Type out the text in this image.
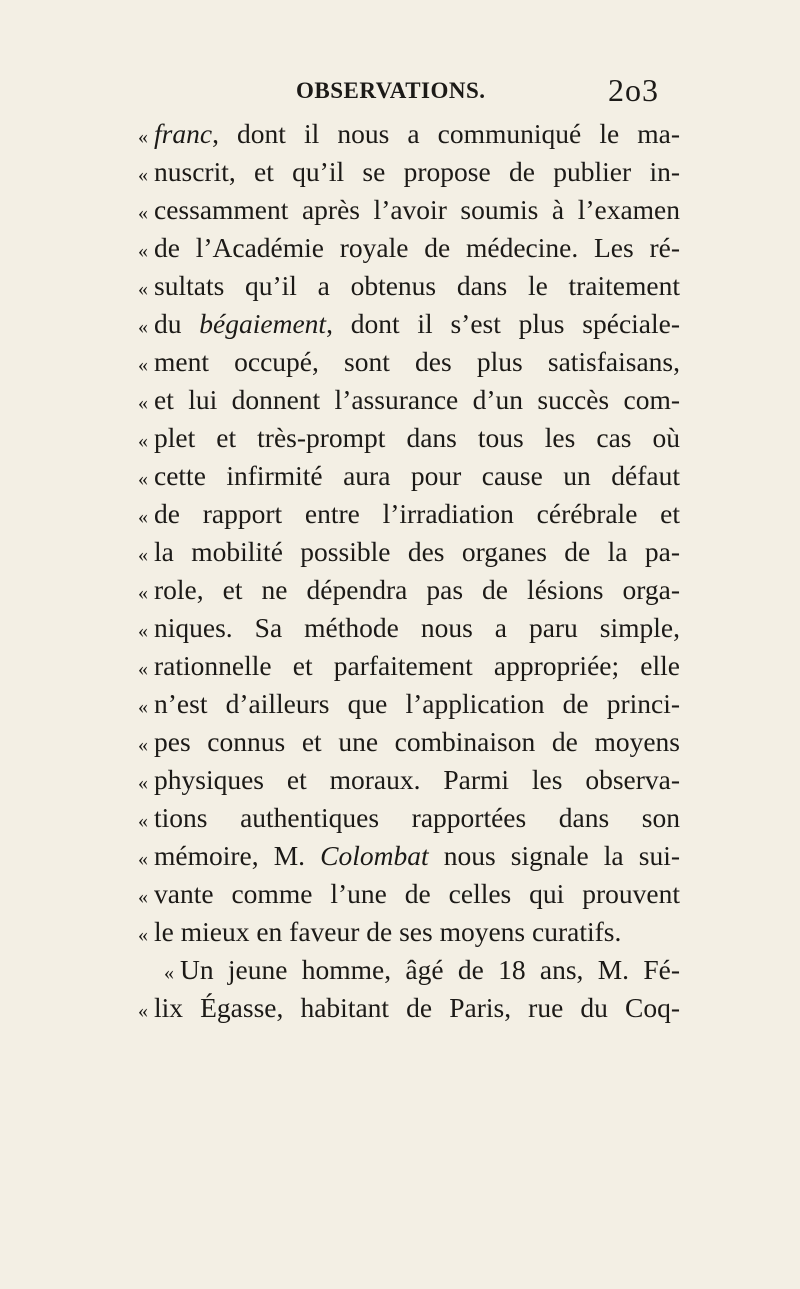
OBSERVATIONS.	2o3
« franc, dont il nous a communiqué le ma-
« nuscrit, et qu’il se propose de publier in-
« cessamment après l’avoir soumis à l’examen
« de l’Académie royale de médecine. Les ré-
« sultats qu’il a obtenus dans le traitement
« du bégaiement, dont il s’est plus spéciale-
« ment occupé, sont des plus satisfaisans,
« et lui donnent l’assurance d’un succès com-
« plet et très-prompt dans tous les cas où
« cette infirmité aura pour cause un défaut
« de rapport entre l’irradiation cérébrale et
« la mobilité possible des organes de la pa-
« role, et ne dépendra pas de lésions orga-
« niques. Sa méthode nous a paru simple,
« rationnelle et parfaitement appropriée; elle
« n’est d’ailleurs que l’application de princi-
« pes connus et une combinaison de moyens
« physiques et moraux. Parmi les observa-
« tions authentiques rapportées dans son
« mémoire, M. Colombat nous signale la sui-
« vante comme l’une de celles qui prouvent
« le mieux en faveur de ses moyens curatifs.
« Un jeune homme, âgé de 18 ans, M. Fé-
« lix Égasse, habitant de Paris, rue du Coq-
